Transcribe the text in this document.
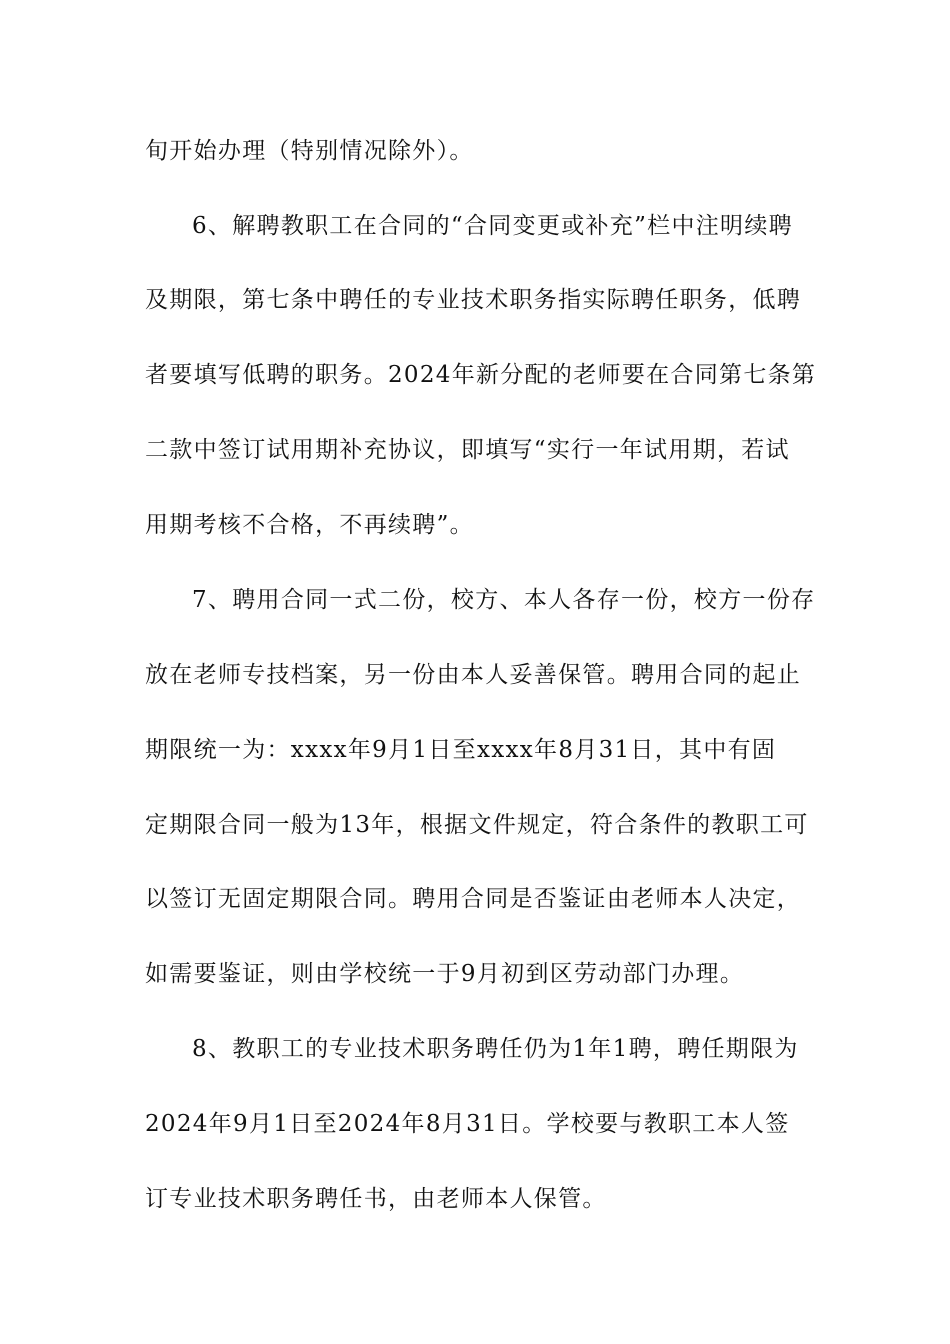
旬开始办理（特别情况除外）。
6、解聘教职工在合同的“合同变更或补充”栏中注明续聘
及期限，第七条中聘任的专业技术职务指实际聘任职务，低聘
者要填写低聘的职务。2024年新分配的老师要在合同第七条第
二款中签订试用期补充协议，即填写“实行一年试用期，若试
用期考核不合格，不再续聘”。
7、聘用合同一式二份，校方、本人各存一份，校方一份存
放在老师专技档案，另一份由本人妥善保管。聘用合同的起止
期限统一为：xxxx年9月1日至xxxx年8月31日，其中有固
定期限合同一般为13年，根据文件规定，符合条件的教职工可
以签订无固定期限合同。聘用合同是否鉴证由老师本人决定，
如需要鉴证，则由学校统一于9月初到区劳动部门办理。
8、教职工的专业技术职务聘任仍为1年1聘，聘任期限为
2024年9月1日至2024年8月31日。学校要与教职工本人签
订专业技术职务聘任书，由老师本人保管。
